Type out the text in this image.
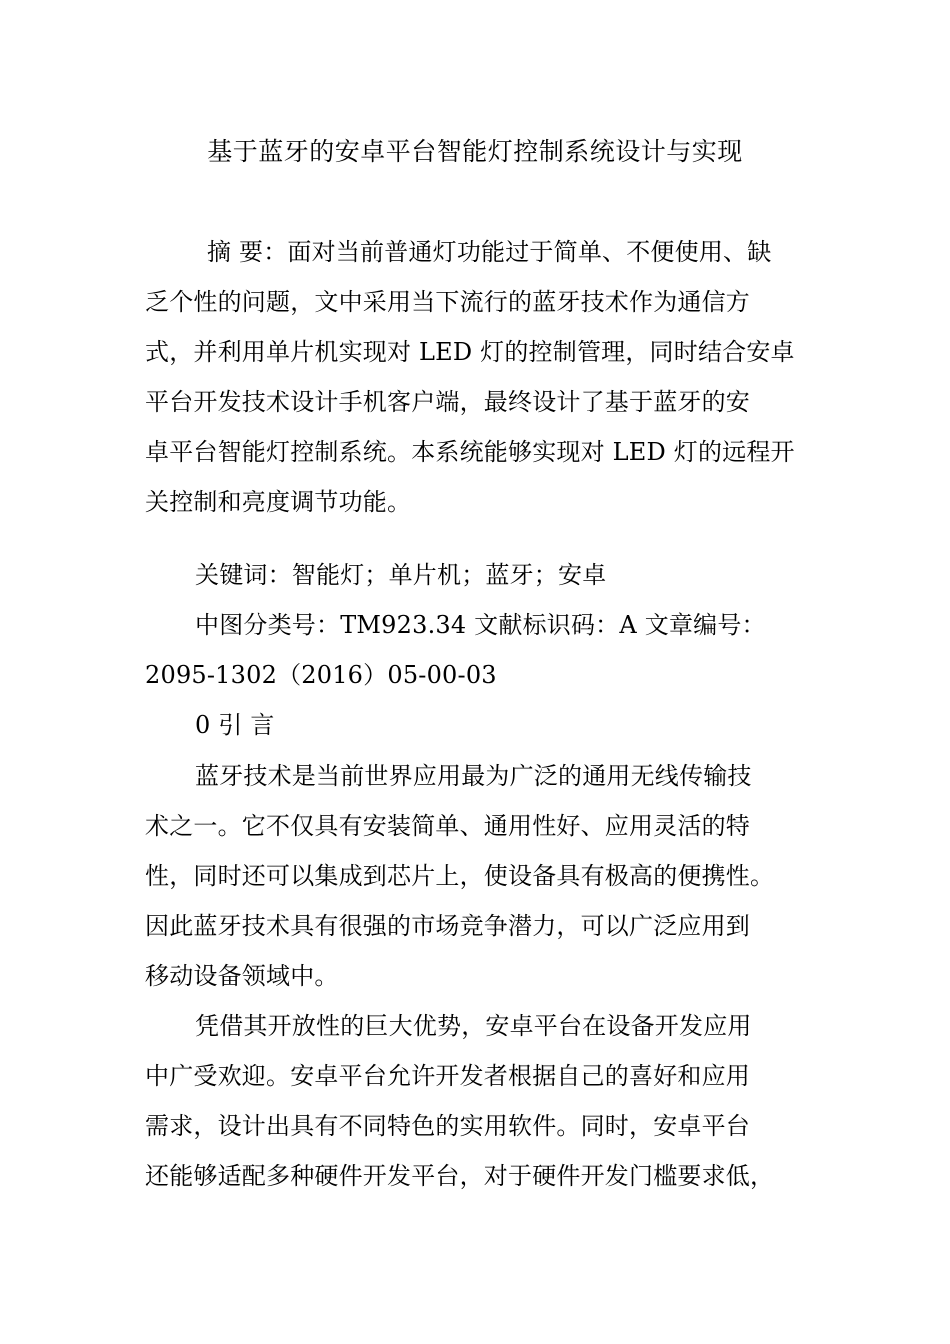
基于蓝牙的安卓平台智能灯控制系统设计与实现
摘 要：面对当前普通灯功能过于简单、不便使用、缺
乏个性的问题，文中采用当下流行的蓝牙技术作为通信方
式，并利用单片机实现对 LED 灯的控制管理，同时结合安卓
平台开发技术设计手机客户端，最终设计了基于蓝牙的安
卓平台智能灯控制系统。本系统能够实现对 LED 灯的远程开
关控制和亮度调节功能。
关键词：智能灯；单片机；蓝牙；安卓
中图分类号：TM923.34 文献标识码：A 文章编号：
2095-1302（2016）05-00-03
0 引 言
蓝牙技术是当前世界应用最为广泛的通用无线传输技
术之一。它不仅具有安装简单、通用性好、应用灵活的特
性，同时还可以集成到芯片上，使设备具有极高的便携性。
因此蓝牙技术具有很强的市场竞争潜力，可以广泛应用到
移动设备领域中。
凭借其开放性的巨大优势，安卓平台在设备开发应用
中广受欢迎。安卓平台允许开发者根据自己的喜好和应用
需求，设计出具有不同特色的实用软件。同时，安卓平台
还能够适配多种硬件开发平台，对于硬件开发门槛要求低，
